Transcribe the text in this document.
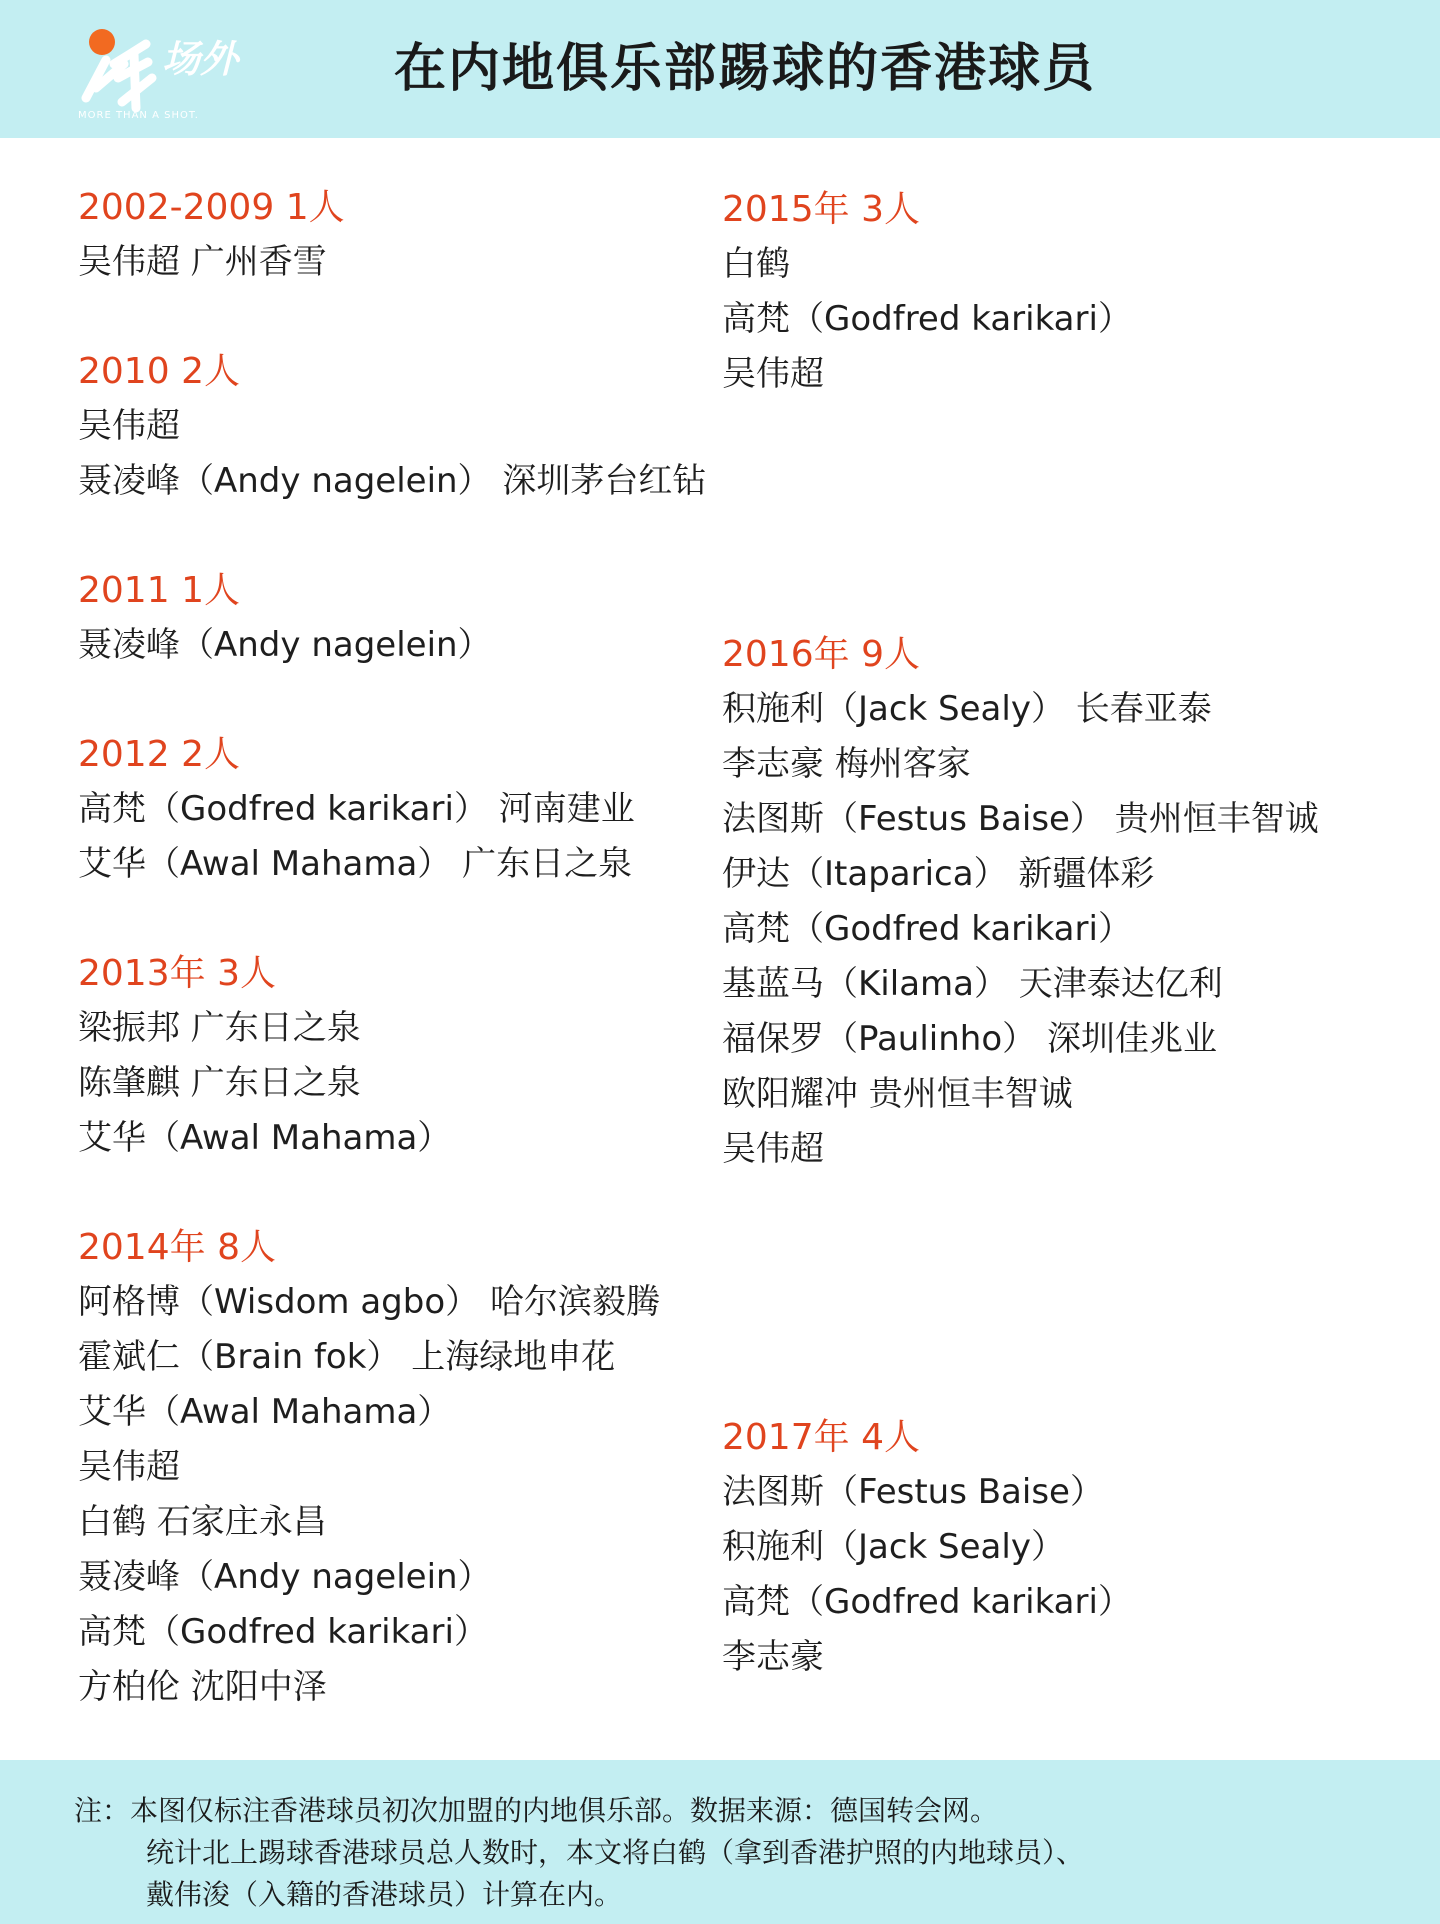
场外
MORE THAN A SHOT.
在内地俱乐部踢球的香港球员
2002-2009 1人
吴伟超 广州香雪
2010 2人
吴伟超
聂凌峰（Andy nagelein） 深圳茅台红钻
2011 1人
聂凌峰（Andy nagelein）
2012 2人
高梵（Godfred karikari） 河南建业
艾华（Awal Mahama） 广东日之泉
2013年 3人
梁振邦 广东日之泉
陈肇麒 广东日之泉
艾华（Awal Mahama）
2014年 8人
阿格博（Wisdom agbo） 哈尔滨毅腾
霍斌仁（Brain fok） 上海绿地申花
艾华（Awal Mahama）
吴伟超
白鹤 石家庄永昌
聂凌峰（Andy nagelein）
高梵（Godfred karikari）
方柏伦 沈阳中泽
2015年 3人
白鹤
高梵（Godfred karikari）
吴伟超
2016年 9人
积施利（Jack Sealy） 长春亚泰
李志豪 梅州客家
法图斯（Festus Baise） 贵州恒丰智诚
伊达（Itaparica） 新疆体彩
高梵（Godfred karikari）
基蓝马（Kilama） 天津泰达亿利
福保罗（Paulinho） 深圳佳兆业
欧阳耀冲 贵州恒丰智诚
吴伟超
2017年 4人
法图斯（Festus Baise）
积施利（Jack Sealy）
高梵（Godfred karikari）
李志豪
注：本图仅标注香港球员初次加盟的内地俱乐部。数据来源：德国转会网。
统计北上踢球香港球员总人数时，本文将白鹤（拿到香港护照的内地球员）、
戴伟浚（入籍的香港球员）计算在内。
